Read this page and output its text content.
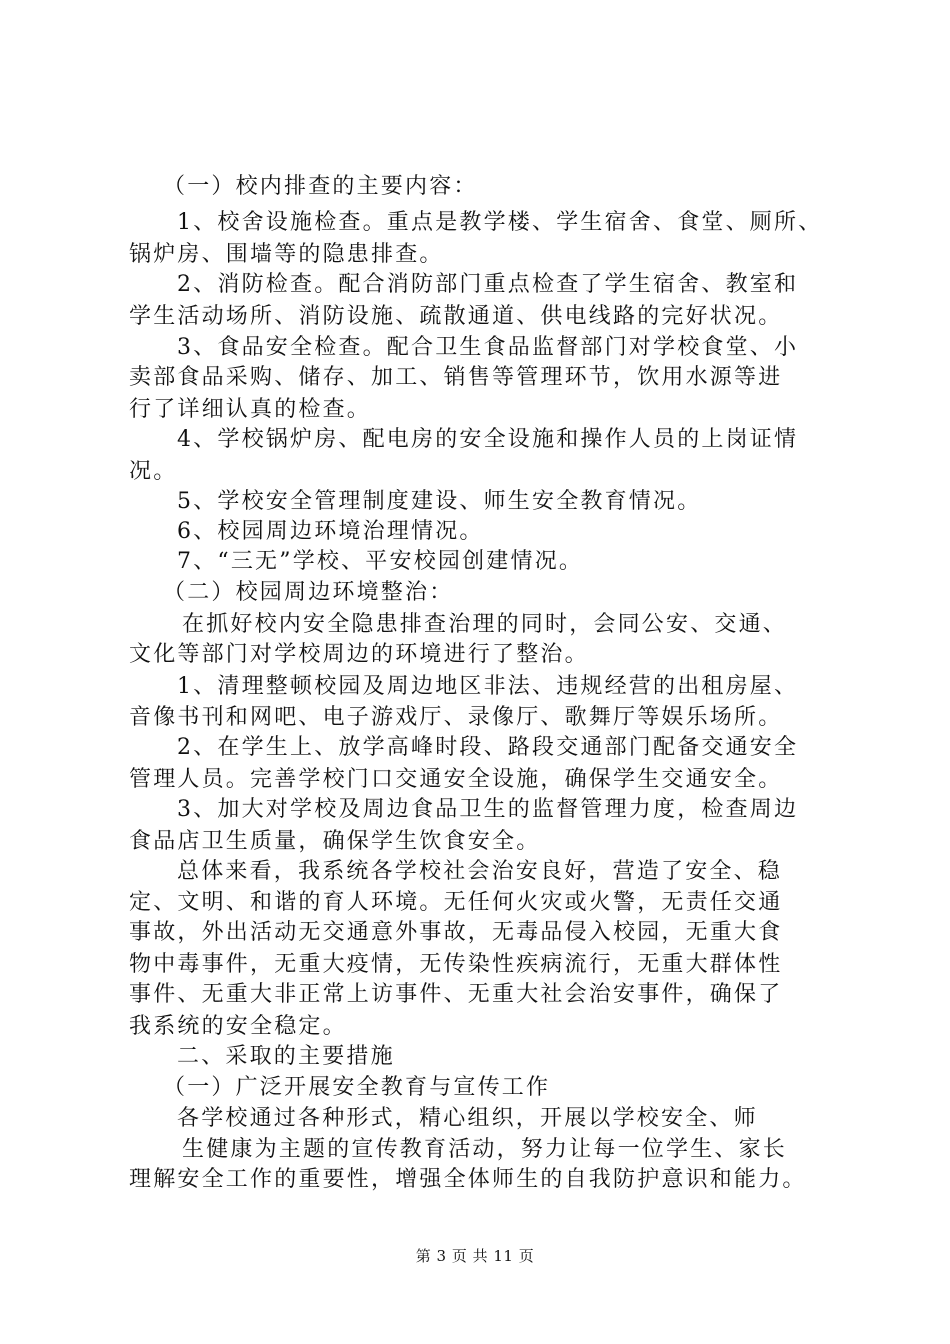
（一）校内排查的主要内容：
1、校舍设施检查。重点是教学楼、学生宿舍、食堂、厕所、
锅炉房、围墙等的隐患排查。
2、消防检查。配合消防部门重点检查了学生宿舍、教室和
学生活动场所、消防设施、疏散通道、供电线路的完好状况。
3、食品安全检查。配合卫生食品监督部门对学校食堂、小
卖部食品采购、储存、加工、销售等管理环节，饮用水源等进
行了详细认真的检查。
4、学校锅炉房、配电房的安全设施和操作人员的上岗证情
况。
5、学校安全管理制度建设、师生安全教育情况。
6、校园周边环境治理情况。
7、“三无”学校、平安校园创建情况。
（二）校园周边环境整治：
在抓好校内安全隐患排查治理的同时，会同公安、交通、
文化等部门对学校周边的环境进行了整治。
1、清理整顿校园及周边地区非法、违规经营的出租房屋、
音像书刊和网吧、电子游戏厅、录像厅、歌舞厅等娱乐场所。
2、在学生上、放学高峰时段、路段交通部门配备交通安全
管理人员。完善学校门口交通安全设施，确保学生交通安全。
3、加大对学校及周边食品卫生的监督管理力度，检查周边
食品店卫生质量，确保学生饮食安全。
总体来看，我系统各学校社会治安良好，营造了安全、稳
定、文明、和谐的育人环境。无任何火灾或火警，无责任交通
事故，外出活动无交通意外事故，无毒品侵入校园，无重大食
物中毒事件，无重大疫情，无传染性疾病流行，无重大群体性
事件、无重大非正常上访事件、无重大社会治安事件，确保了
我系统的安全稳定。
二、采取的主要措施
（一）广泛开展安全教育与宣传工作
各学校通过各种形式，精心组织，开展以学校安全、师
生健康为主题的宣传教育活动，努力让每一位学生、家长
理解安全工作的重要性，增强全体师生的自我防护意识和能力。
第 3 页 共 11 页
